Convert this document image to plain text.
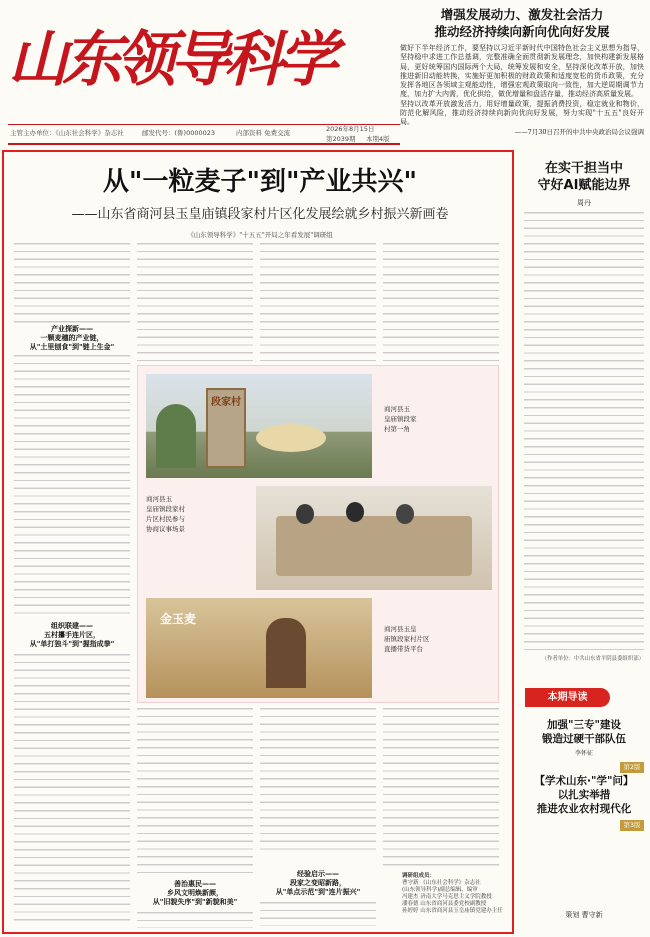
山东领导科学
增强发展动力、激发社会活力
推动经济持续向新向优向好发展

做好下半年经济工作，要坚持以习近平新时代中国特色社会主义思想为指导，坚持稳中求进工作总基调，完整准确全面贯彻新发展理念，加快构建新发展格局，更好统筹国内国际两个大局，统筹发展和安全，坚持深化改革开放，加快推进新旧动能转换，实施好更加积极的财政政策和适度宽松的货币政策，充分发挥各地区各领域主观能动性，增强宏观政策取向一致性，加大逆周期调节力度，加力扩大内需，优化供给，做优增量和盘活存量，推动经济高质量发展。

坚持以改革开放激发活力，用好增量政策，提振消费投资，稳定就业和物价，防范化解风险，推动经济持续向新向优向好发展，努力实现"十五五"良好开局。

——7月30日召开的中共中央政治局会议强调

主管主办单位：《山东社会科学》杂志社	邮发代号：(鲁)0000023	内部资料 免费交流	2026年8月15日
第2039期 本期4版
从"一粒麦子"到"产业共兴"
——山东省商河县玉皇庙镇段家村片区化发展绘就乡村振兴新画卷
《山东领导科学》"十五五"开局之年看发展"调研组
产业探新——
一颗麦穗的产业链，
从"土里刨食"到"链上生金"
组织联建——
五村攥手连片区，
从"单打独斗"到"握指成拳"
段家村
商河县玉
皇庙镇段家
村第一角
商河县玉
皇庙镇段家村
片区村民参与
协商议事场景
金玉麦
商河县玉皇
庙镇段家村片区
直播带货平台
善治惠民——
乡风文明焕新颜，
从"旧貌失序"到"新貌和美"
经验启示——
段家之变昭新路，
从"单点示范"到"连片振兴"
调研组成员：
曹守新 《山东社会科学》杂志社
(山东领导科学)副总编辑、编审
冯建杰 济南大学马克思主义学院教授
潘春德 山东省商河县委党校副教授
孙婷婷 山东省商河县玉皇庙镇党建办主任
在实干担当中
守好AI赋能边界
周丹
（作者单位：中共山东省平阴县委组织部）
本期导读
加强"三专"建设
锻造过硬干部队伍
李怀征
第2版
【学术山东·"学"问】
以扎实举措
推进农业农村现代化
第3版
策划 曹守新
